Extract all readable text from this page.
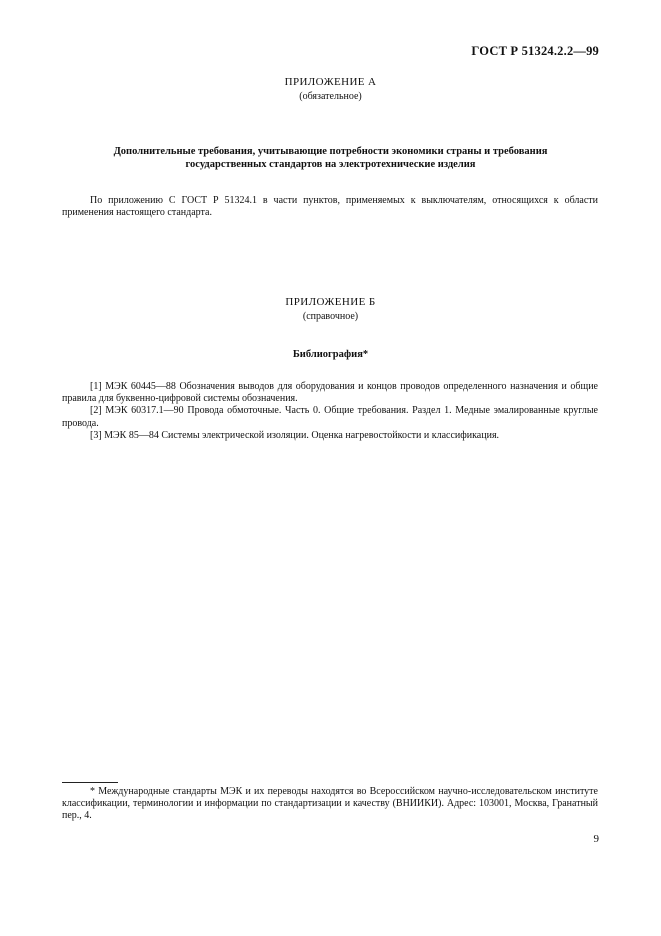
ГОСТ Р 51324.2.2—99
ПРИЛОЖЕНИЕ А
(обязательное)
Дополнительные требования, учитывающие потребности экономики страны и требования
государственных стандартов на электротехнические изделия

По приложению С ГОСТ Р 51324.1 в части пунктов, применяемых к выключателям, относящихся к области применения настоящего стандарта.

ПРИЛОЖЕНИЕ Б
(справочное)
Библиография*

[1] МЭК 60445—88 Обозначения выводов для оборудования и концов проводов определенного назначения и общие правила для буквенно-цифровой системы обозначения.

[2] МЭК 60317.1—90 Провода обмоточные. Часть 0. Общие требования. Раздел 1. Медные эмалированные круглые провода.

[3] МЭК 85—84 Системы электрической изоляции. Оценка нагревостойкости и классификация.

* Международные стандарты МЭК и их переводы находятся во Всероссийском научно-исследовательском институте классификации, терминологии и информации по стандартизации и качеству (ВНИИКИ). Адрес: 103001, Москва, Гранатный пер., 4.

9
